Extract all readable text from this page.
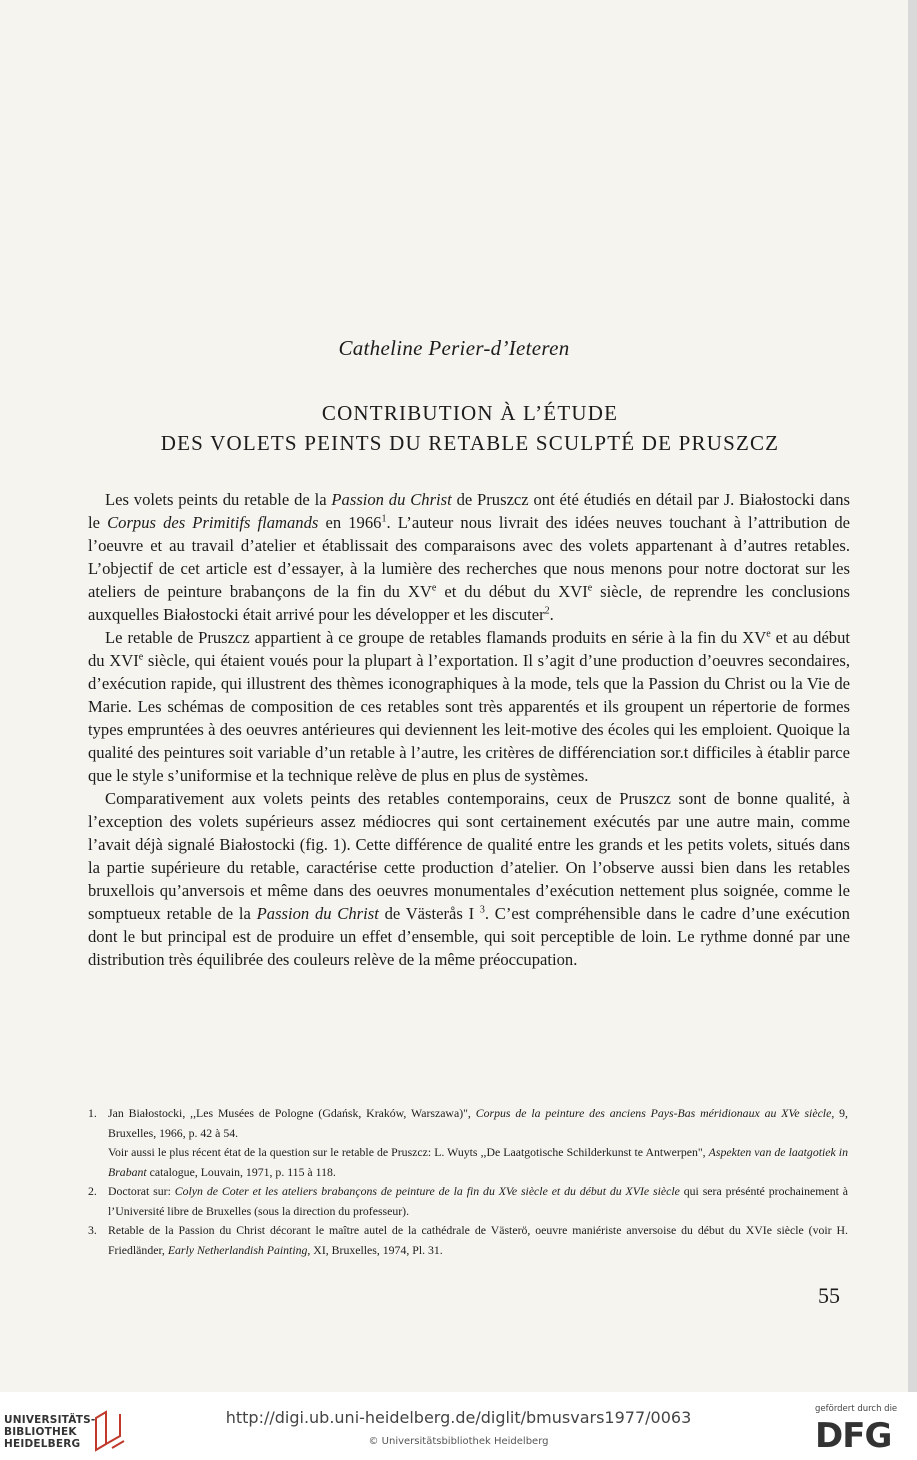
Catheline Perier-d’Ieteren
CONTRIBUTION À L’ÉTUDE
DES VOLETS PEINTS DU RETABLE SCULPTÉ DE PRUSZCZ

Les volets peints du retable de la Passion du Christ de Pruszcz ont été étudiés en détail par J. Białostocki dans le Corpus des Primitifs flamands en 1966$^1$. L’auteur nous livrait des idées neuves touchant à l’attribution de l’oeuvre et au travail d’atelier et établissait des comparaisons avec des volets appartenant à d’autres retables. L’objectif de cet article est d’essayer, à la lumière des recherches que nous menons pour notre doctorat sur les ateliers de peinture brabançons de la fin du XVe et du début du XVIe siècle, de reprendre les conclusions auxquelles Białostocki était arrivé pour les développer et les discuter$^2$.

Le retable de Pruszcz appartient à ce groupe de retables flamands produits en série à la fin du XVe et au début du XVIe siècle, qui étaient voués pour la plupart à l’exportation. Il s’agit d’une production d’oeuvres secondaires, d’exécution rapide, qui illustrent des thèmes iconographiques à la mode, tels que la Passion du Christ ou la Vie de Marie. Les schémas de composition de ces retables sont très apparentés et ils groupent un répertorie de formes types empruntées à des oeuvres antérieures qui deviennent les leit-motive des écoles qui les emploient. Quoique la qualité des peintures soit variable d’un retable à l’autre, les critères de différenciation sor.t difficiles à établir parce que le style s’uniformise et la technique relève de plus en plus de systèmes.

Comparativement aux volets peints des retables contemporains, ceux de Pruszcz sont de bonne qualité, à l’exception des volets supérieurs assez médiocres qui sont certainement exécutés par une autre main, comme l’avait déjà signalé Białostocki (fig. 1). Cette différence de qualité entre les grands et les petits volets, situés dans la partie supérieure du retable, caractérise cette production d’atelier. On l’observe aussi bien dans les retables bruxellois qu’anversois et même dans des oeuvres monumentales d’exécution nettement plus soignée, comme le somptueux retable de la Passion du Christ de Västerås I $^3$. C’est compréhensible dans le cadre d’une exécution dont le but principal est de produire un effet d’ensemble, qui soit perceptible de loin. Le rythme donné par une distribution très équilibrée des couleurs relève de la même préoccupation.

1. Jan Białostocki, ,,Les Musées de Pologne (Gdańsk, Kraków, Warszawa)", Corpus de la peinture des anciens Pays-Bas méridionaux au XVe siècle, 9, Bruxelles, 1966, p. 42 à 54.
Voir aussi le plus récent état de la question sur le retable de Pruszcz: L. Wuyts ,,De Laatgotische Schilderkunst te Antwerpen", Aspekten van de laatgotiek in Brabant catalogue, Louvain, 1971, p. 115 à 118.
2. Doctorat sur: Colyn de Coter et les ateliers brabançons de peinture de la fin du XVe siècle et du début du XVIe siècle qui sera présénté prochainement à l’Université libre de Bruxelles (sous la direction du professeur).
3. Retable de la Passion du Christ décorant le maître autel de la cathédrale de Västerö, oeuvre maniériste anversoise du début du XVIe siècle (voir H. Friedländer, Early Netherlandish Painting, XI, Bruxelles, 1974, Pl. 31.
55
UNIVERSITÄTS-
BIBLIOTHEK
HEIDELBERG
http://digi.ub.uni-heidelberg.de/diglit/bmusvars1977/0063
© Universitätsbibliothek Heidelberg
gefördert durch die
DFG
